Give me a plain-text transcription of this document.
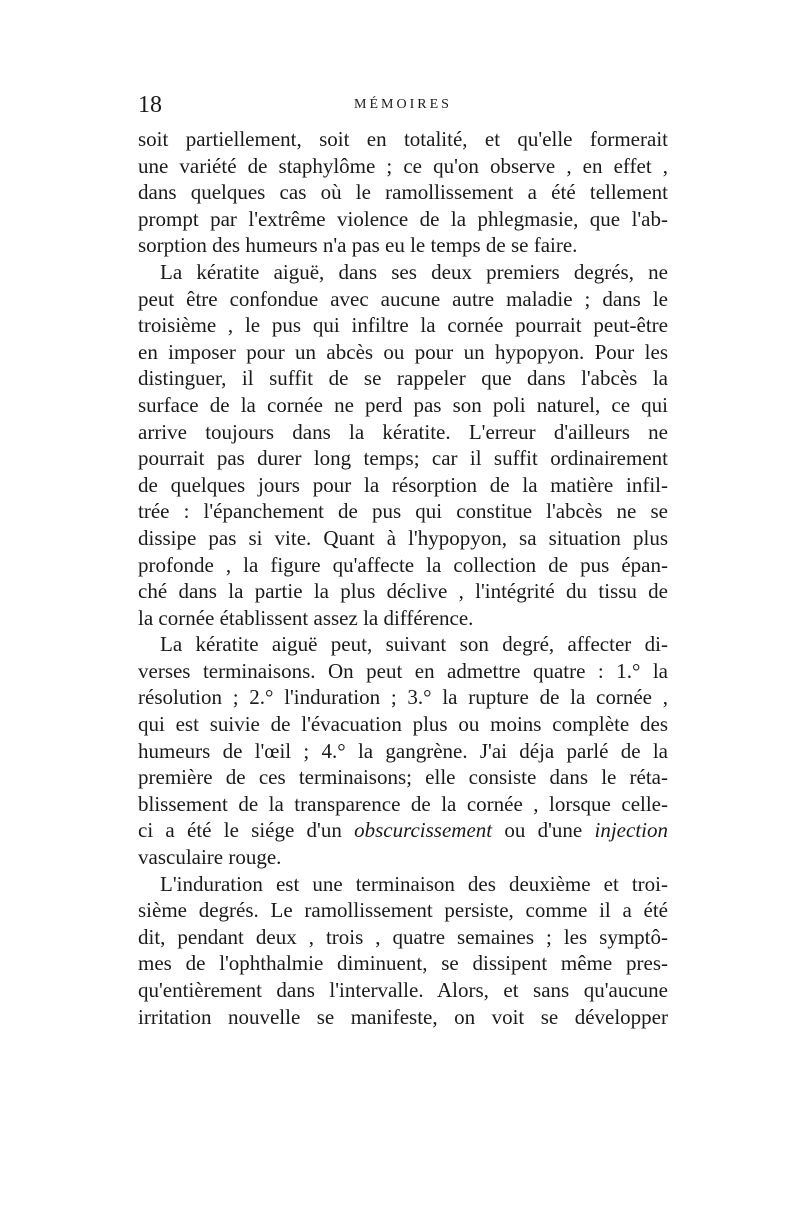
18	MÉMOIRES
soit partiellement, soit en totalité, et qu'elle formerait
une variété de staphylôme ; ce qu'on observe , en effet ,
dans quelques cas où le ramollissement a été tellement
prompt par l'extrême violence de la phlegmasie, que l'ab-
sorption des humeurs n'a pas eu le temps de se faire.
La kératite aiguë, dans ses deux premiers degrés, ne
peut être confondue avec aucune autre maladie ; dans le
troisième , le pus qui infiltre la cornée pourrait peut-être
en imposer pour un abcès ou pour un hypopyon. Pour les
distinguer, il suffit de se rappeler que dans l'abcès la
surface de la cornée ne perd pas son poli naturel, ce qui
arrive toujours dans la kératite. L'erreur d'ailleurs ne
pourrait pas durer long temps; car il suffit ordinairement
de quelques jours pour la résorption de la matière infil-
trée : l'épanchement de pus qui constitue l'abcès ne se
dissipe pas si vite. Quant à l'hypopyon, sa situation plus
profonde , la figure qu'affecte la collection de pus épan-
ché dans la partie la plus déclive , l'intégrité du tissu de
la cornée établissent assez la différence.
La kératite aiguë peut, suivant son degré, affecter di-
verses terminaisons. On peut en admettre quatre : 1.° la
résolution ; 2.° l'induration ; 3.° la rupture de la cornée ,
qui est suivie de l'évacuation plus ou moins complète des
humeurs de l'œil ; 4.° la gangrène. J'ai déja parlé de la
première de ces terminaisons; elle consiste dans le réta-
blissement de la transparence de la cornée , lorsque celle-
ci a été le siége d'un obscurcissement ou d'une injection
vasculaire rouge.
L'induration est une terminaison des deuxième et troi-
sième degrés. Le ramollissement persiste, comme il a été
dit, pendant deux , trois , quatre semaines ; les symptô-
mes de l'ophthalmie diminuent, se dissipent même pres-
qu'entièrement dans l'intervalle. Alors, et sans qu'aucune
irritation nouvelle se manifeste, on voit se développer
